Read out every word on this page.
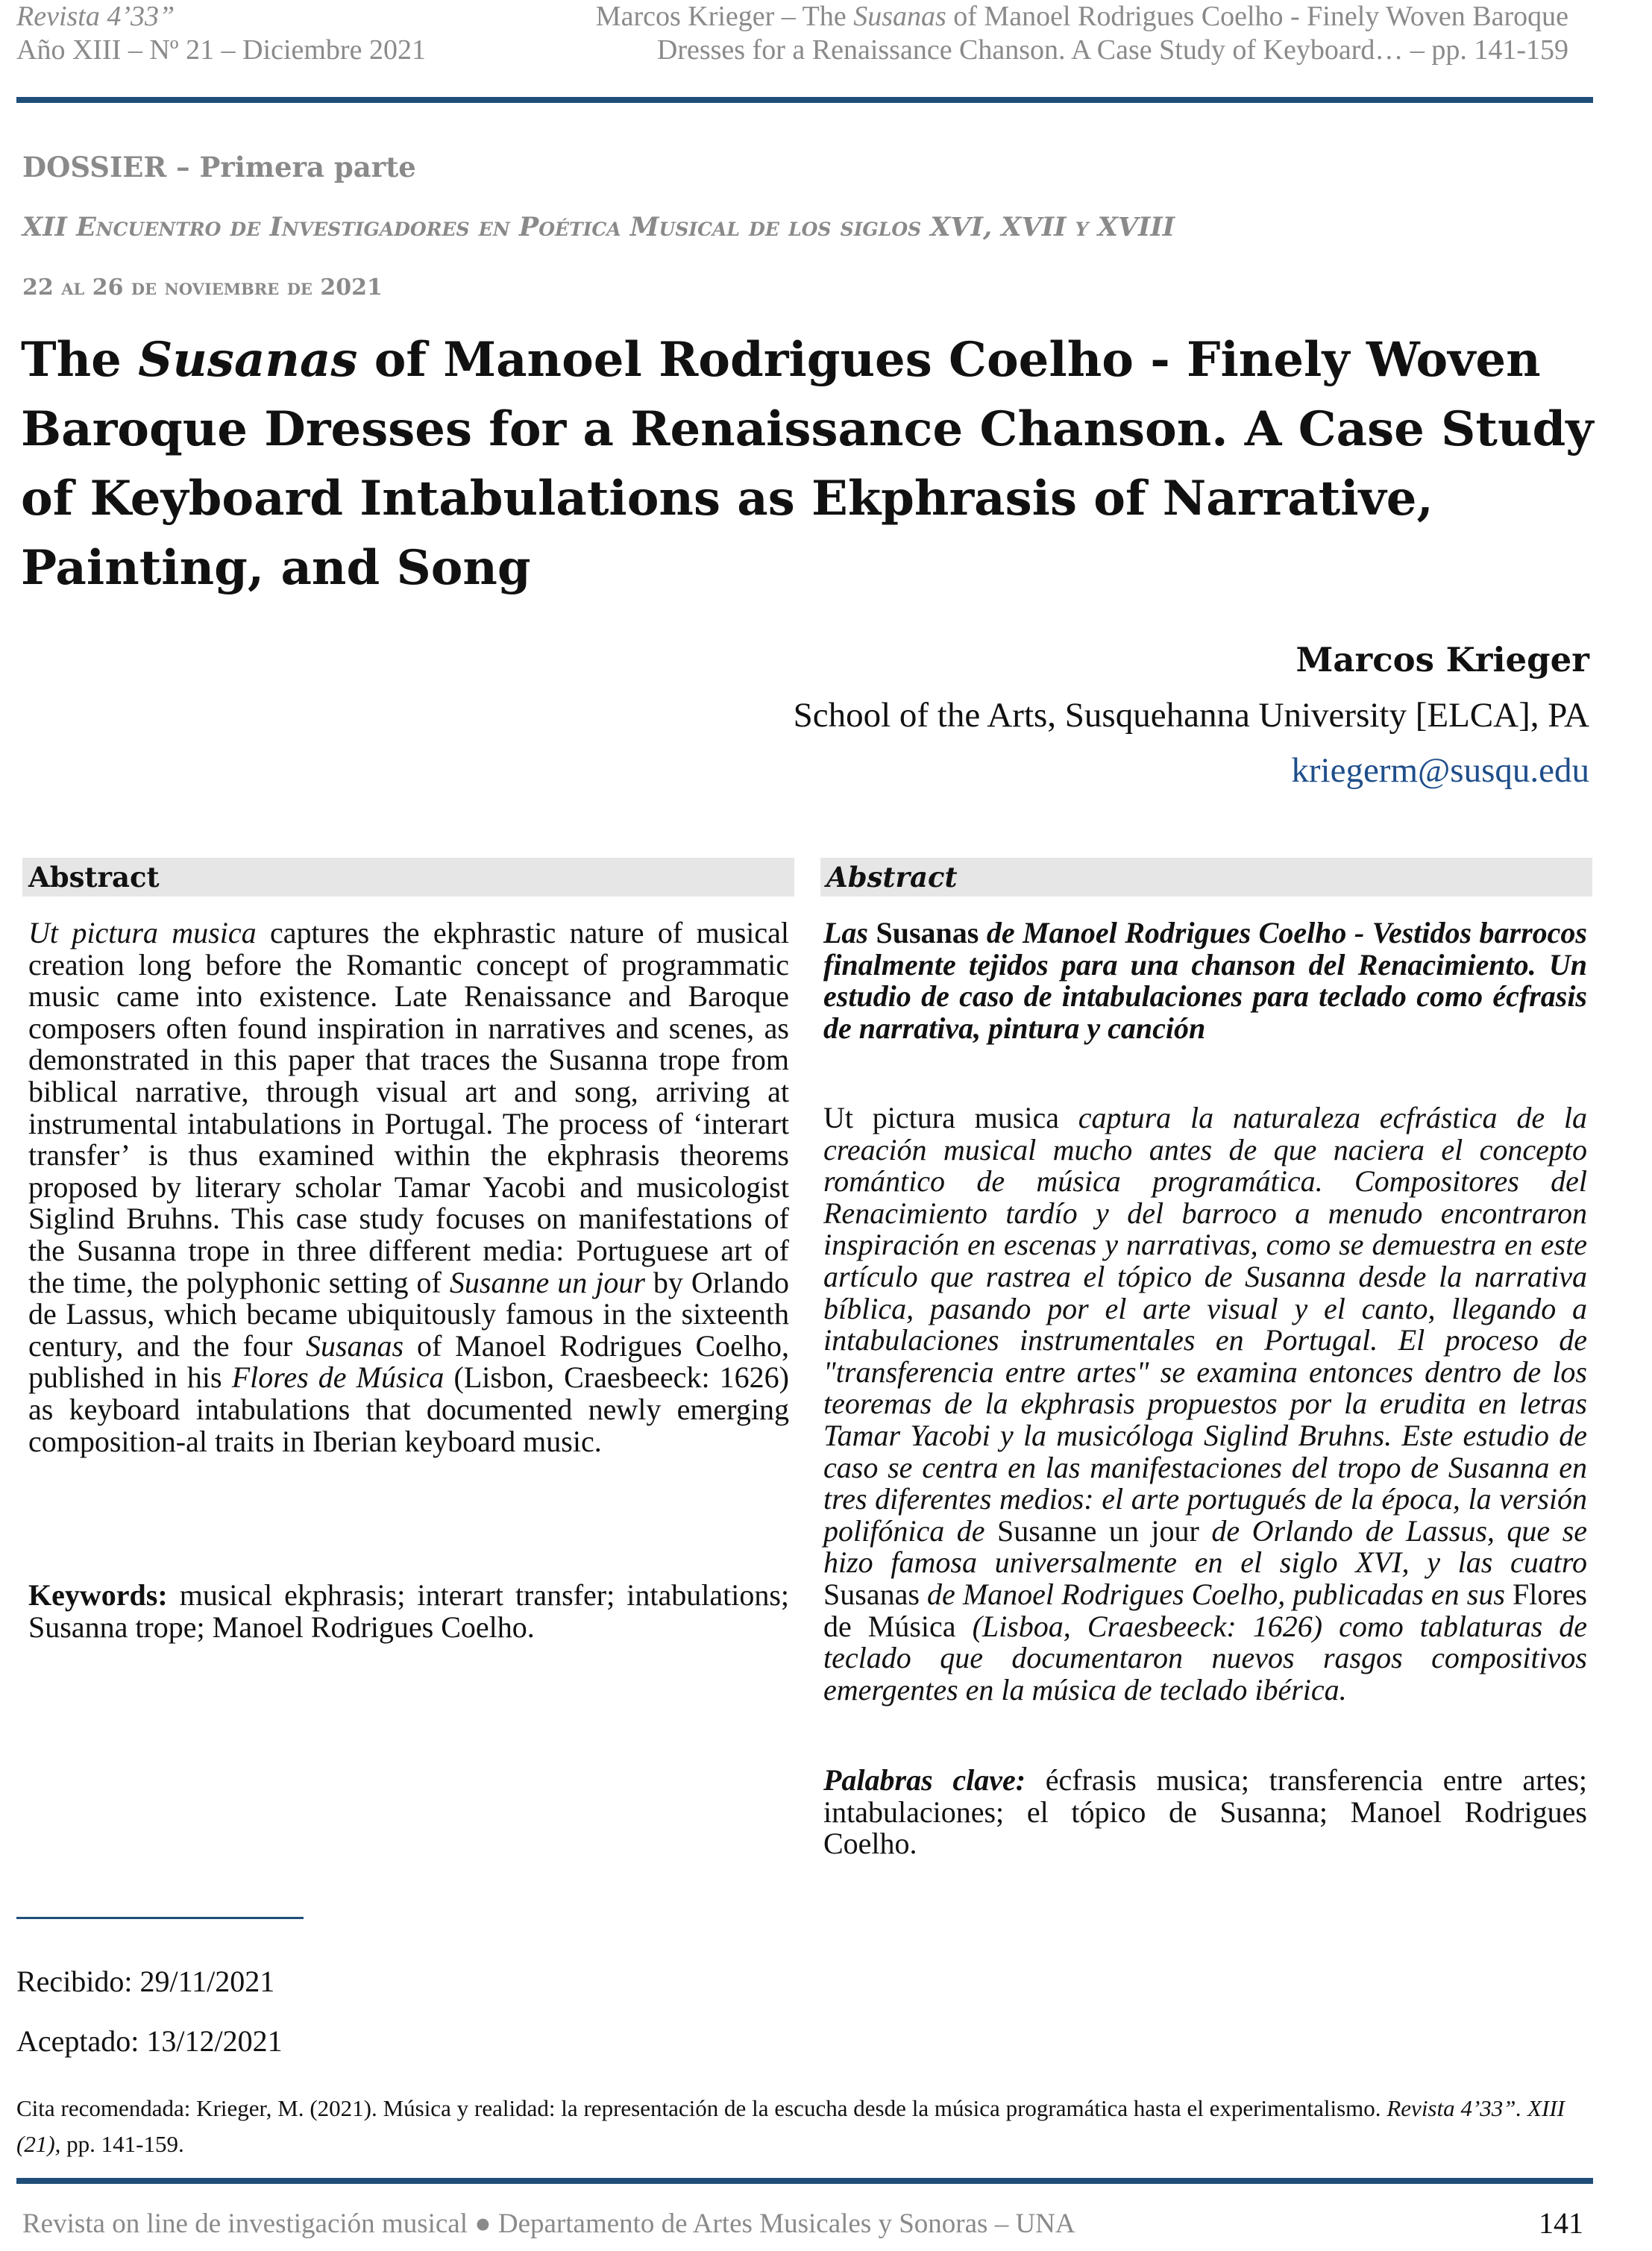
Revista 4’33”
Año XIII – Nº 21 – Diciembre 2021
Marcos Krieger – The Susanas of Manoel Rodrigues Coelho - Finely Woven Baroque
Dresses for a Renaissance Chanson. A Case Study of Keyboard… – pp. 141-159
DOSSIER – Primera parte
XII Encuentro de Investigadores en Poética Musical de los siglos XVI, XVII y XVIII
22 al 26 de noviembre de 2021
The Susanas of Manoel Rodrigues Coelho - Finely Woven Baroque Dresses for a Renaissance Chanson. A Case Study of Keyboard Intabulations as Ekphrasis of Narrative, Painting, and Song
Marcos Krieger
School of the Arts, Susquehanna University [ELCA], PA
kriegerm@susqu.edu
Abstract
Ut pictura musica captures the ekphrastic nature of musical creation long before the Romantic concept of programmatic music came into existence. Late Renaissance and Baroque composers often found inspiration in narratives and scenes, as demonstrated in this paper that traces the Susanna trope from biblical narrative, through visual art and song, arriving at instrumental intabulations in Portugal. The process of ‘interart transfer’ is thus examined within the ekphrasis theorems proposed by literary scholar Tamar Yacobi and musicologist Siglind Bruhns. This case study focuses on manifestations of the Susanna trope in three different media: Portuguese art of the time, the polyphonic setting of Susanne un jour by Orlando de Lassus, which became ubiquitously famous in the sixteenth century, and the four Susanas of Manoel Rodrigues Coelho, published in his Flores de Música (Lisbon, Craesbeeck: 1626) as keyboard intabulations that documented newly emerging composition-al traits in Iberian keyboard music.
Keywords: musical ekphrasis; interart transfer; intabulations; Susanna trope; Manoel Rodrigues Coelho.
Abstract
Las Susanas de Manoel Rodrigues Coelho - Vestidos barrocos finalmente tejidos para una chanson del Renacimiento. Un estudio de caso de intabulaciones para teclado como écfrasis de narrativa, pintura y canción
Ut pictura musica captura la naturaleza ecfrástica de la creación musical mucho antes de que naciera el concepto romántico de música programática. Compositores del Renacimiento tardío y del barroco a menudo encontraron inspiración en escenas y narrativas, como se demuestra en este artículo que rastrea el tópico de Susanna desde la narrativa bíblica, pasando por el arte visual y el canto, llegando a intabulaciones instrumentales en Portugal. El proceso de "transferencia entre artes" se examina entonces dentro de los teoremas de la ekphrasis propuestos por la erudita en letras Tamar Yacobi y la musicóloga Siglind Bruhns. Este estudio de caso se centra en las manifestaciones del tropo de Susanna en tres diferentes medios: el arte portugués de la época, la versión polifónica de Susanne un jour de Orlando de Lassus, que se hizo famosa universalmente en el siglo XVI, y las cuatro Susanas de Manoel Rodrigues Coelho, publicadas en sus Flores de Música (Lisboa, Craesbeeck: 1626) como tablaturas de teclado que documentaron nuevos rasgos compositivos emergentes en la música de teclado ibérica.
Palabras clave: écfrasis musica; transferencia entre artes; intabulaciones; el tópico de Susanna; Manoel Rodrigues Coelho.
Recibido: 29/11/2021
Aceptado: 13/12/2021
Cita recomendada: Krieger, M. (2021). Música y realidad: la representación de la escucha desde la música programática hasta el experimentalismo. Revista 4’33”. XIII (21), pp. 141-159.
Revista on line de investigación musical ● Departamento de Artes Musicales y Sonoras – UNA	141
